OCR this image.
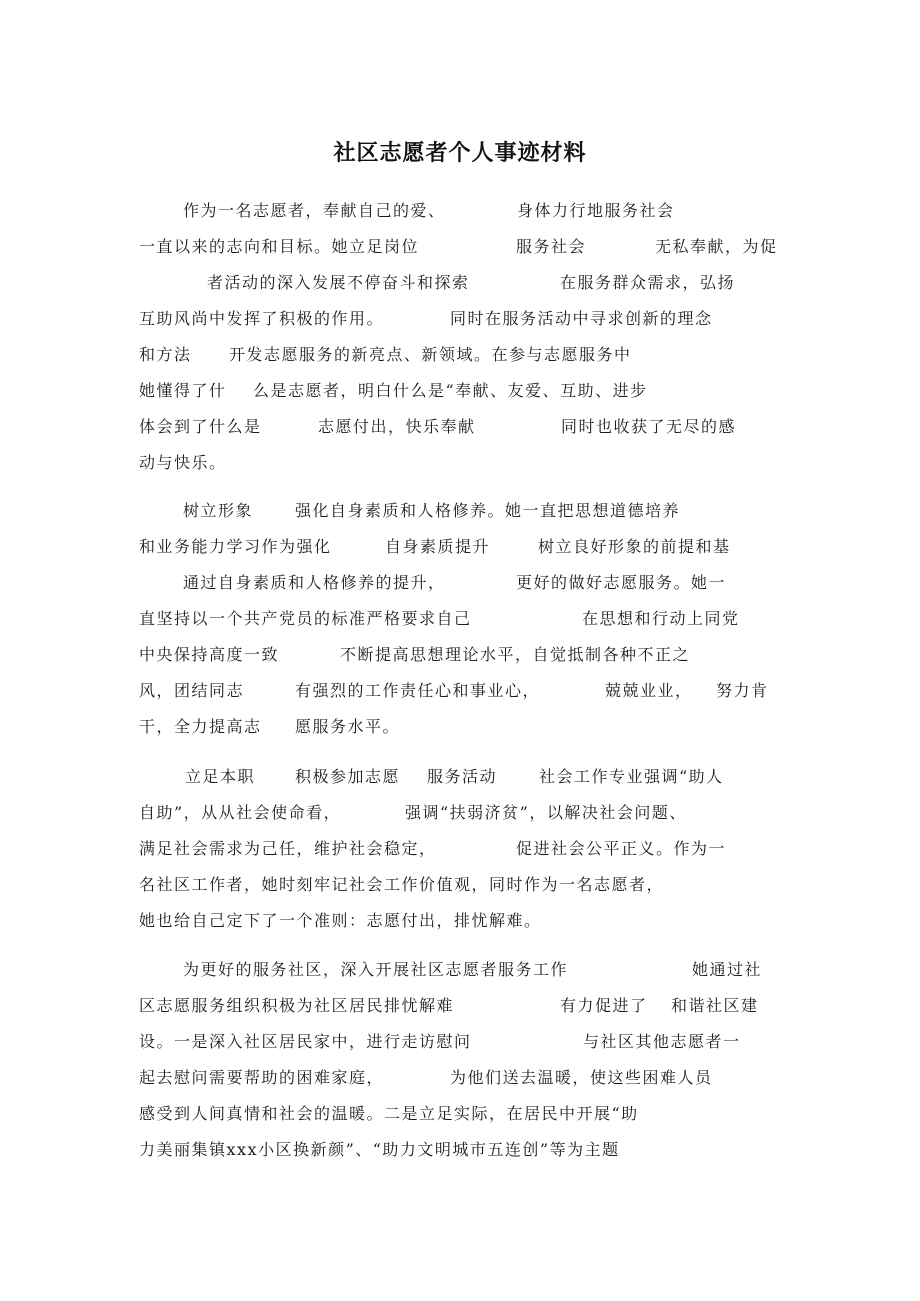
社区志愿者个人事迹材料
作为一名志愿者，奉献自己的爱、	身体力行地服务社会
一直以来的志向和目标。她立足岗位	服务社会	无私奉献，为促
者活动的深入发展不停奋斗和探索	在服务群众需求，弘扬
互助风尚中发挥了积极的作用。	同时在服务活动中寻求创新的理念
和方法 开发志愿服务的新亮点、新领域。在参与志愿服务中
她懂得了什 么是志愿者，明白什么是“奉献、友爱、互助、进步
体会到了什么是	志愿付出，快乐奉献	同时也收获了无尽的感
动与快乐。
树立形象	强化自身素质和人格修养。她一直把思想道德培养
和业务能力学习作为强化	自身素质提升	树立良好形象的前提和基
通过自身素质和人格修养的提升，	更好的做好志愿服务。她一
直坚持以一个共产党员的标准严格要求自己	在思想和行动上同党
中央保持高度一致	不断提高思想理论水平，自觉抵制各种不正之
风，团结同志	有强烈的工作责任心和事业心，	兢兢业业， 努力肯
干，全力提高志 愿服务水平。
立足本职 积极参加志愿 服务活动	社会工作专业强调“助人
自助”，从从社会使命看，	强调“扶弱济贫”，以解决社会问题、
满足社会需求为己任，维护社会稳定，	促进社会公平正义。作为一
名社区工作者，她时刻牢记社会工作价值观，同时作为一名志愿者，
她也给自己定下了一个准则：志愿付出，排忧解难。
为更好的服务社区，深入开展社区志愿者服务工作	她通过社
区志愿服务组织积极为社区居民排忧解难	有力促进了 和谐社区建
设。一是深入社区居民家中，进行走访慰问	与社区其他志愿者一
起去慰问需要帮助的困难家庭，	为他们送去温暖，使这些困难人员
感受到人间真情和社会的温暖。二是立足实际，在居民中开展“助
力美丽集镇xxx小区换新颜”、“助力文明城市五连创”等为主题
